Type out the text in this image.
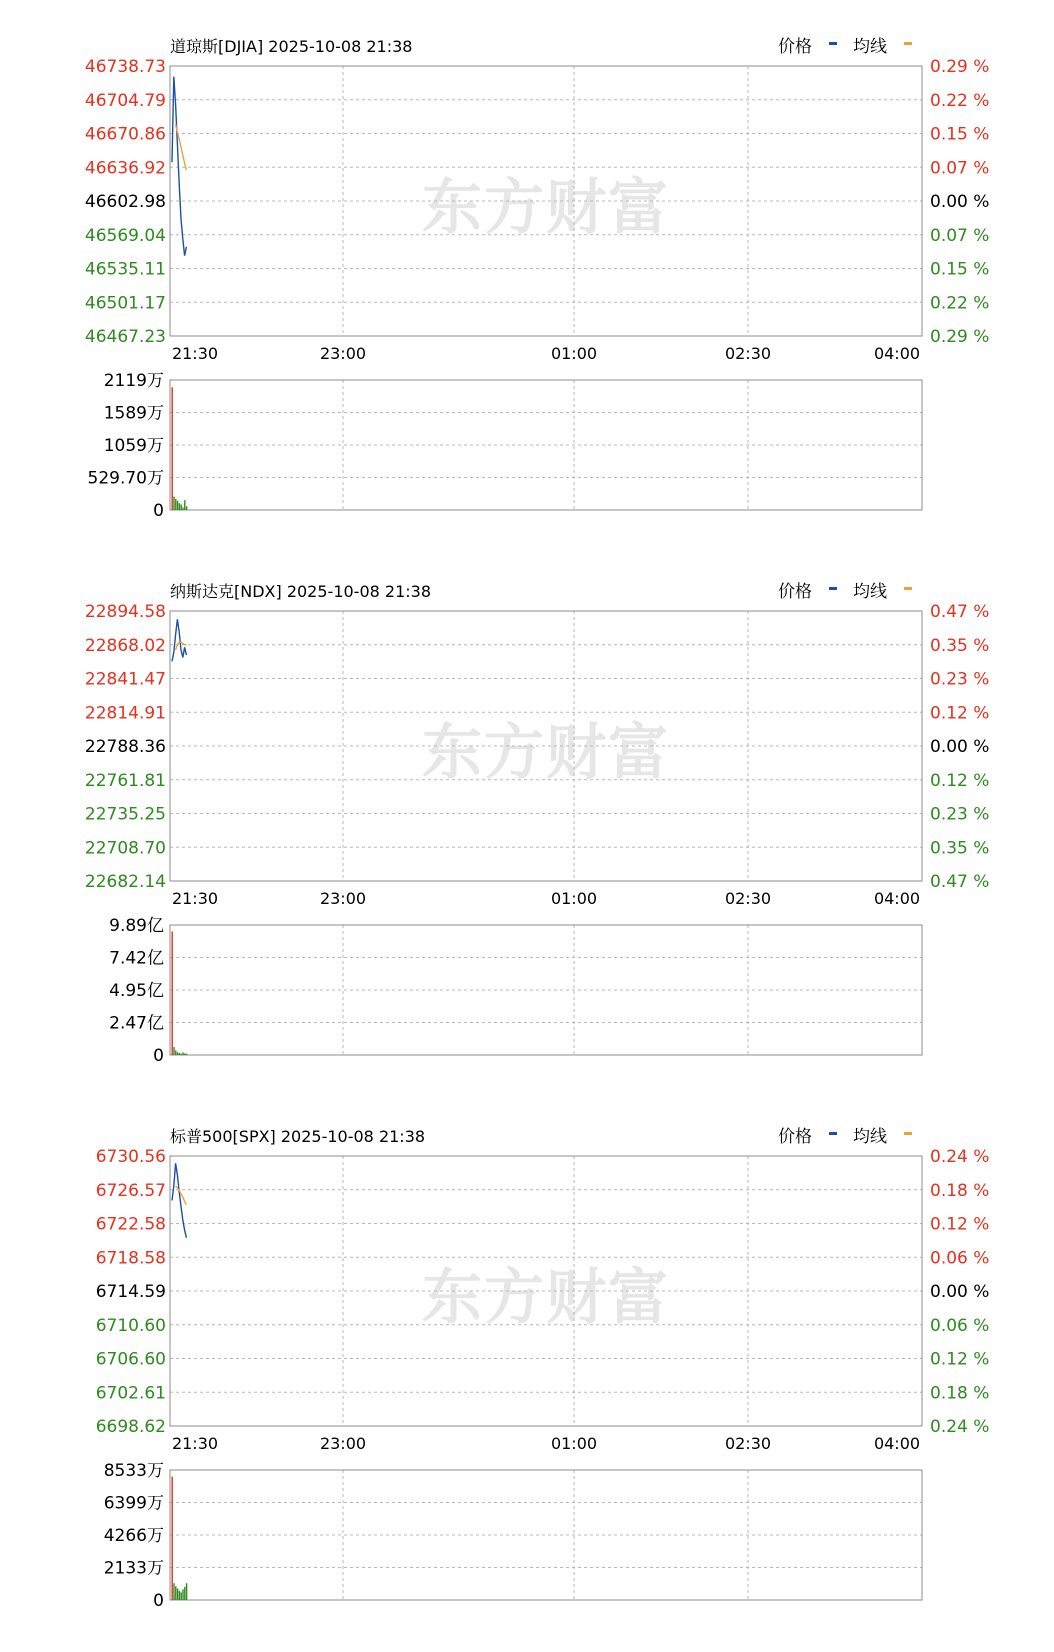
道琼斯[DJIA] 2025-10-08 21:38	价格 均线
东方财富
46738.73
46704.79
46670.86
46636.92
46602.98
46569.04
46535.11
46501.17
46467.23
0.29 %
0.22 %
0.15 %
0.07 %
0.00 %
0.07 %
0.15 %
0.22 %
0.29 %
21:30	23:00	01:00	02:30	04:00
2119万
1589万
1059万
529.70万
0
纳斯达克[NDX] 2025-10-08 21:38	价格 均线
东方财富
22894.58
22868.02
22841.47
22814.91
22788.36
22761.81
22735.25
22708.70
22682.14
0.47 %
0.35 %
0.23 %
0.12 %
0.00 %
0.12 %
0.23 %
0.35 %
0.47 %
21:30	23:00	01:00	02:30	04:00
9.89亿
7.42亿
4.95亿
2.47亿
0
标普500[SPX] 2025-10-08 21:38	价格 均线
东方财富
6730.56
6726.57
6722.58
6718.58
6714.59
6710.60
6706.60
6702.61
6698.62
0.24 %
0.18 %
0.12 %
0.06 %
0.00 %
0.06 %
0.12 %
0.18 %
0.24 %
21:30	23:00	01:00	02:30	04:00
8533万
6399万
4266万
2133万
0
